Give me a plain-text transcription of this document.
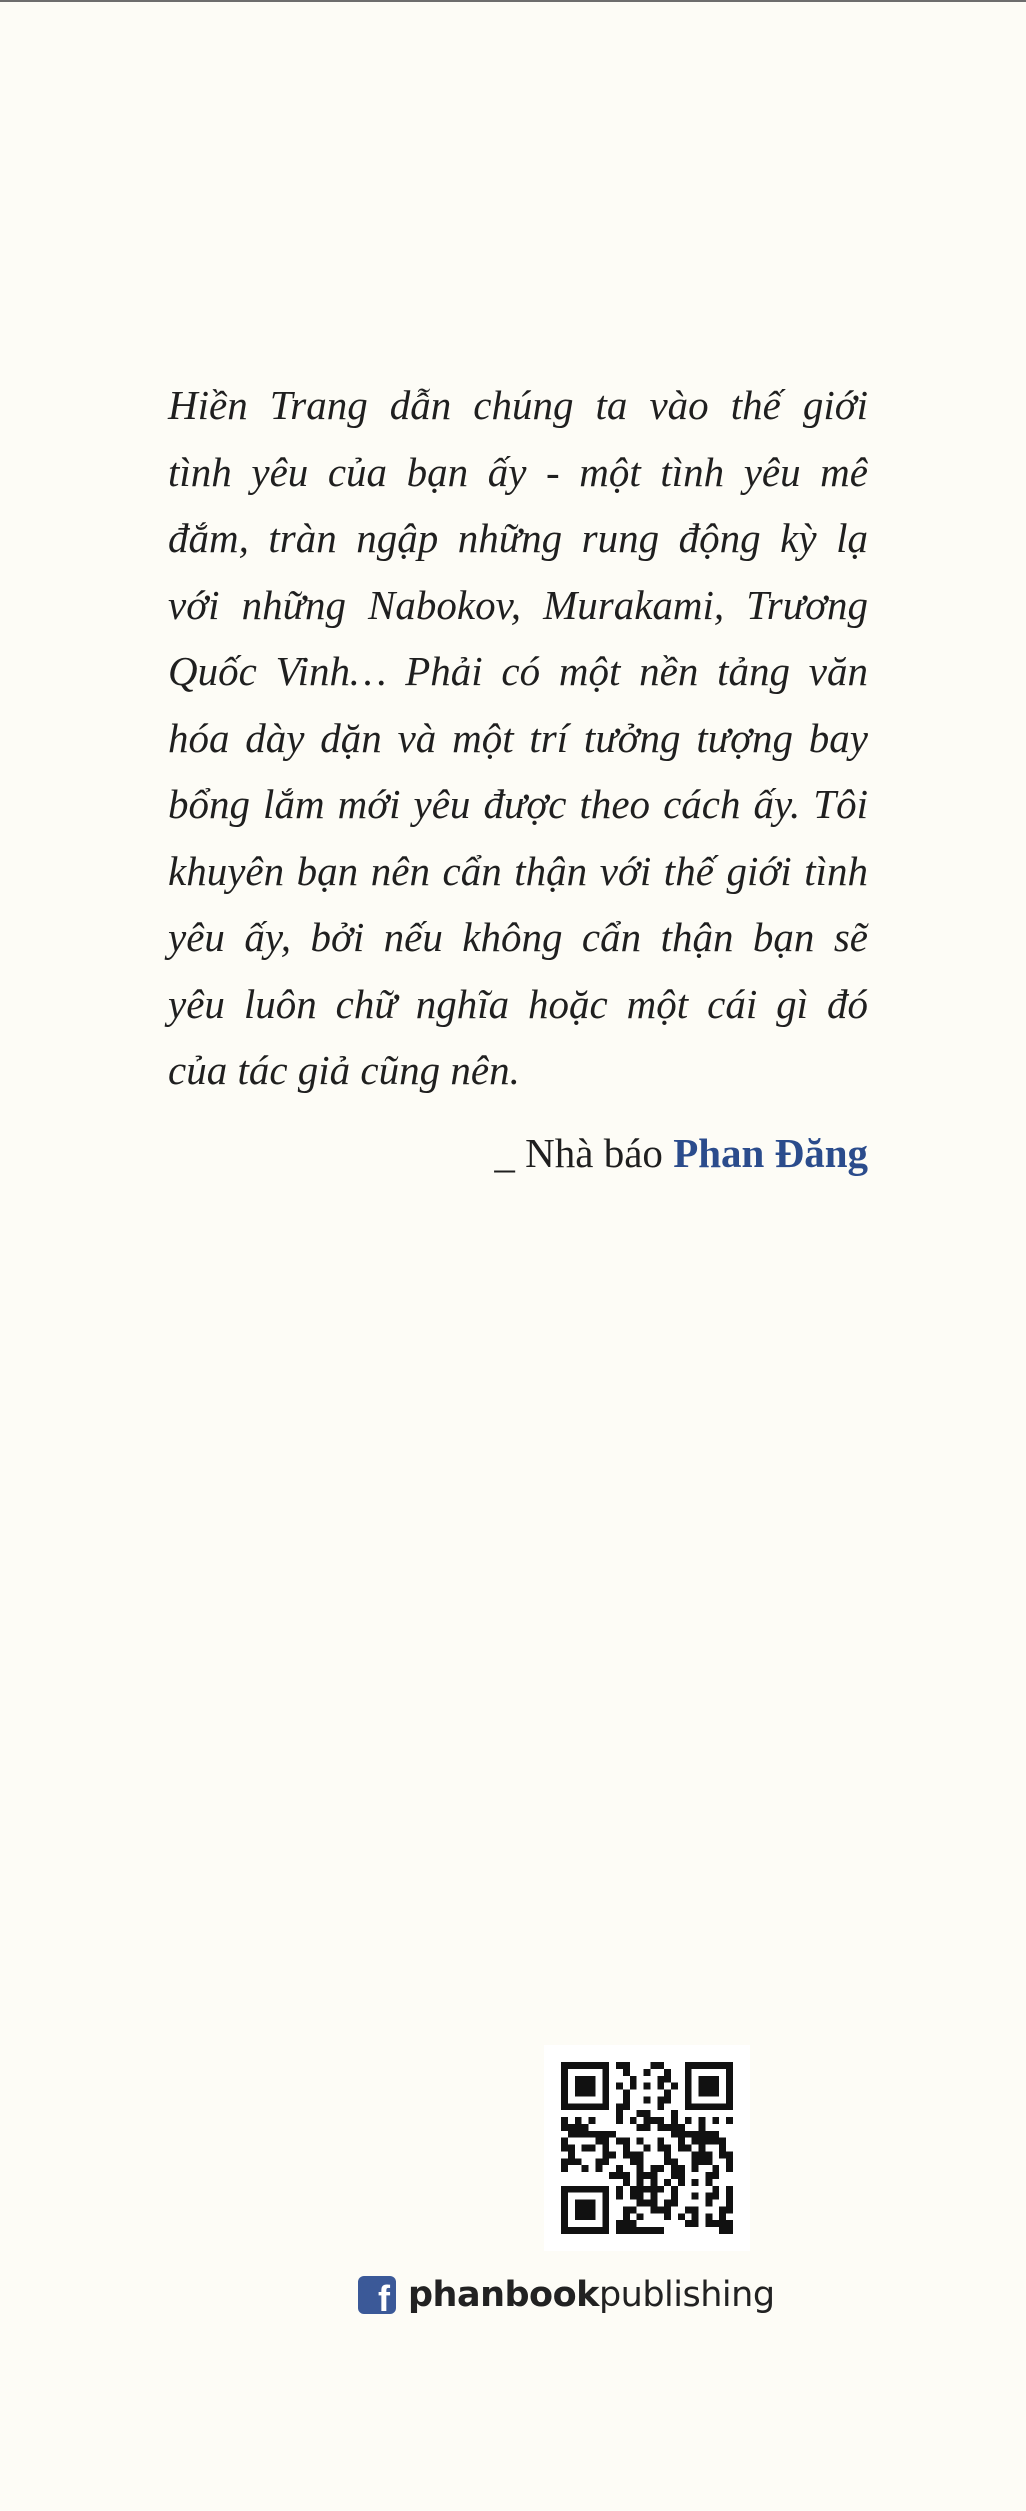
Hiền Trang dẫn chúng ta vào thế giới
tình yêu của bạn ấy - một tình yêu mê
đắm, tràn ngập những rung động kỳ lạ
với những Nabokov, Murakami, Trương
Quốc Vinh… Phải có một nền tảng văn
hóa dày dặn và một trí tưởng tượng bay
bổng lắm mới yêu được theo cách ấy. Tôi
khuyên bạn nên cẩn thận với thế giới tình
yêu ấy, bởi nếu không cẩn thận bạn sẽ
yêu luôn chữ nghĩa hoặc một cái gì đó
của tác giả cũng nên.

_ Nhà báo Phan Đăng
f
phanbook publishing
